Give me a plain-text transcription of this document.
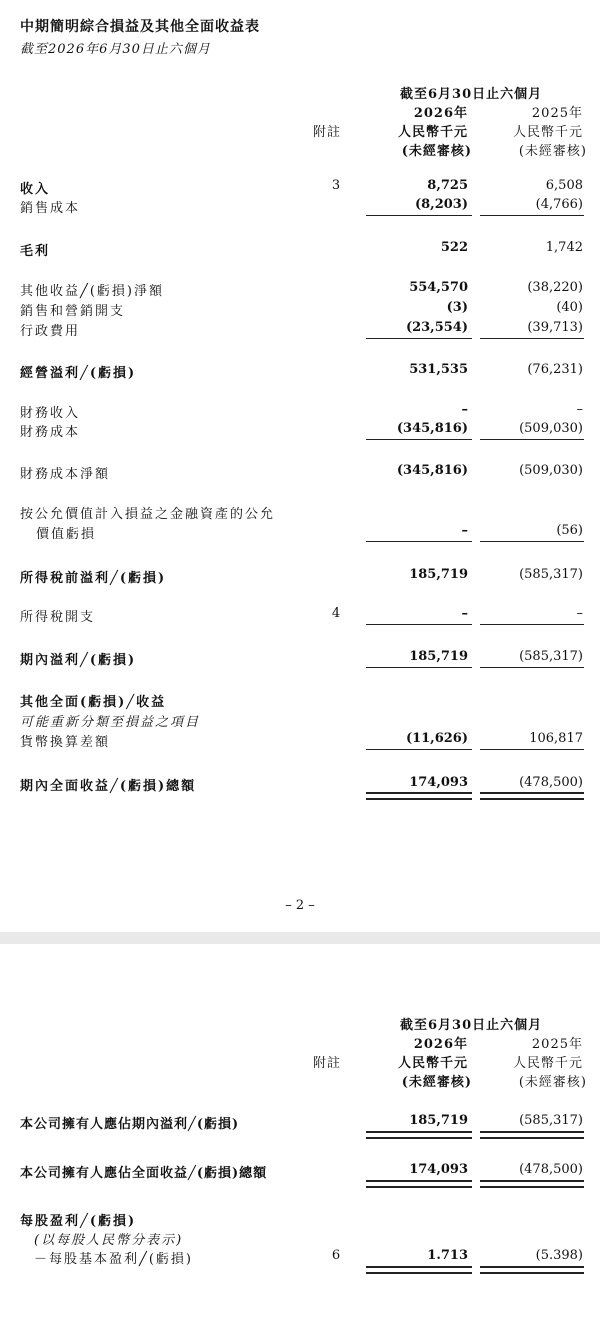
中期簡明綜合損益及其他全面收益表
截至2026年6月30日止六個月
截至6月30日止六個月
2026年	2025年
附註	人民幣千元	人民幣千元
(未經審核)	(未經審核)
收入	3	8,725	6,508
銷售成本	(8,203)	(4,766)
毛利	522	1,742
其他收益╱(虧損)淨額	554,570	(38,220)
銷售和營銷開支	(3)	(40)
行政費用	(23,554)	(39,713)
經營溢利╱(虧損)	531,535	(76,231)
財務收入	–	–
財務成本	(345,816)	(509,030)
財務成本淨額	(345,816)	(509,030)
按公允價值計入損益之金融資產的公允
價值虧損	–	(56)
所得稅前溢利╱(虧損)	185,719	(585,317)
所得稅開支	4	–	–
期內溢利╱(虧損)	185,719	(585,317)
其他全面(虧損)╱收益
可能重新分類至損益之項目
貨幣換算差額	(11,626)	106,817
期內全面收益╱(虧損)總額	174,093	(478,500)
– 2 –
截至6月30日止六個月
2026年	2025年
附註	人民幣千元	人民幣千元
(未經審核)	(未經審核)
本公司擁有人應佔期內溢利╱(虧損)	185,719	(585,317)
本公司擁有人應佔全面收益╱(虧損)總額	174,093	(478,500)
每股盈利╱(虧損)
(以每股人民幣分表示)
－每股基本盈利╱(虧損)	6	1.713	(5.398)
